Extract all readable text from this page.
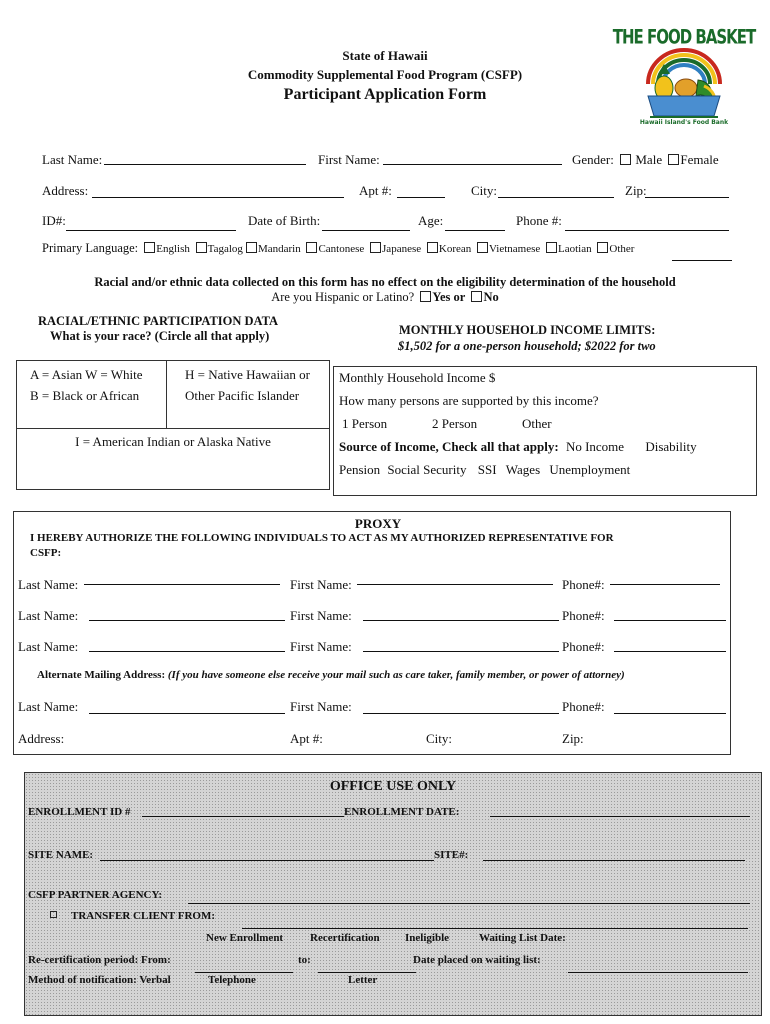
State of Hawaii
Commodity Supplemental Food Program (CSFP)
Participant Application Form
THE FOOD BASKET
Hawaii Island's Food Bank
Last Name:	First Name:	Gender: Male Female
Address:	Apt #:	City:	Zip:
ID#:	Date of Birth:	Age:	Phone #:
Primary Language: English Tagalog Mandarin Cantonese Japanese Korean Vietnamese Laotian Other
Racial and/or ethnic data collected on this form has no effect on the eligibility determination of the household
Are you Hispanic or Latino? Yes or No
RACIAL/ETHNIC PARTICIPATION DATA
What is your race? (Circle all that apply)	MONTHLY HOUSEHOLD INCOME LIMITS:
$1,502 for a one-person household; $2022 for two
A = Asian W = White
B = Black or African
H = Native Hawaiian or
Other Pacific Islander
I = American Indian or Alaska Native
Monthly Household Income $
How many persons are supported by this income?
1 Person	2 Person	Other
Source of Income, Check all that apply: No Income Disability
Pension Social Security SSI Wages Unemployment
PROXY
I HEREBY AUTHORIZE THE FOLLOWING INDIVIDUALS TO ACT AS MY AUTHORIZED REPRESENTATIVE FOR
CSFP:
Last Name:	First Name:	Phone#:
Last Name:	First Name:	Phone#:
Last Name:	First Name:	Phone#:
Alternate Mailing Address: (If you have someone else receive your mail such as care taker, family member, or power of attorney)
Last Name:	First Name:	Phone#:
Address:	Apt #:	City:	Zip:
OFFICE USE ONLY
ENROLLMENT ID #	ENROLLMENT DATE:
SITE NAME:	SITE#:
CSFP PARTNER AGENCY:
TRANSFER CLIENT FROM:
New Enrollment Recertification Ineligible	Waiting List Date:
Re-certification period: From:	to:	Date placed on waiting list:
Method of notification: Verbal	Telephone	Letter
